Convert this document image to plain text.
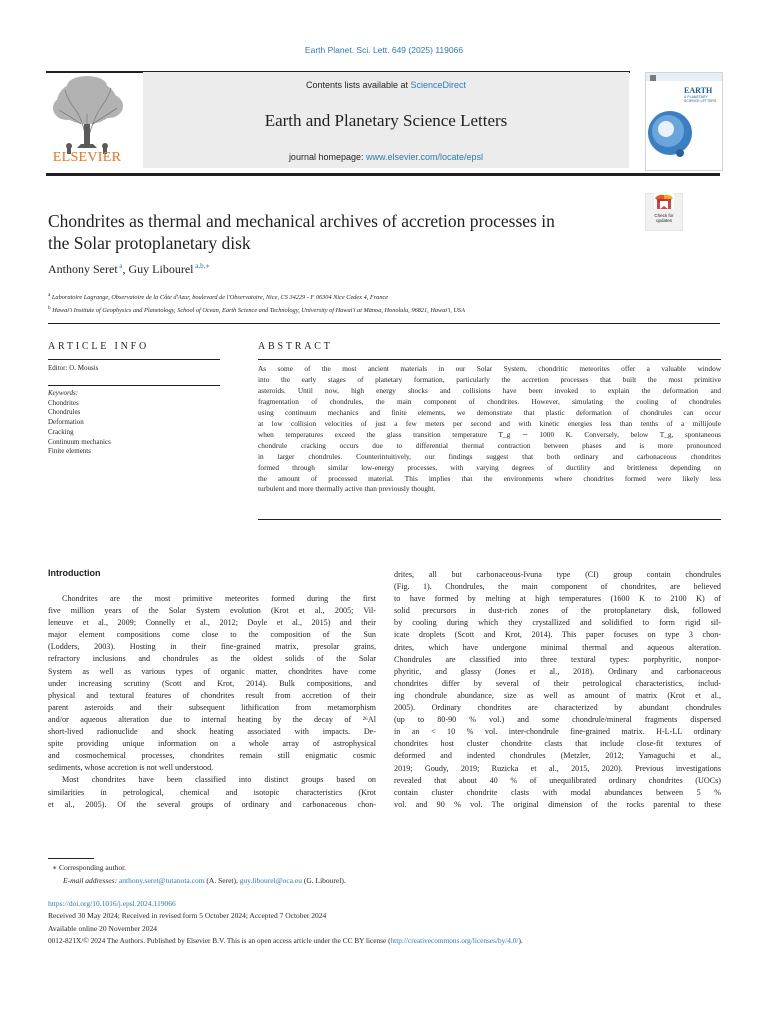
Earth Planet. Sci. Lett. 649 (2025) 119066
Contents lists available at ScienceDirect
Earth and Planetary Science Letters
journal homepage: www.elsevier.com/locate/epsl
ELSEVIER
EARTH
& PLANETARY
SCIENCE LETTERS
Check for
updates
Chondrites as thermal and mechanical archives of accretion processes in
the Solar protoplanetary disk
Anthony Seret $^a$, Guy Libourel $^{a,b,∗}$
$^a$ Laboratoire Lagrange, Observatoire de la Côte d'Azur, boulevard de l'Observatoire, Nice, CS 34229 - F 06304 Nice Cedex 4, France
$^b$ Hawai'i Institute of Geophysics and Planetology, School of Ocean, Earth Science and Technology, University of Hawai'i at Mānoa, Honolulu, 96821, Hawai'i, USA
ARTICLE INFO
Editor: O. Mousis
Keywords:
Chondrites
Chondrules
Deformation
Cracking
Continuum mechanics
Finite elements
ABSTRACT
As some of the most ancient materials in our Solar System, chondritic meteorites offer a valuable window
into the early stages of planetary formation, particularly the accretion processes that built the most primitive
asteroids. Until now, high energy shocks and collisions have been invoked to explain the deformation and
fragmentation of chondrules, the main component of chondrites. However, simulating the cooling of chondrules
using continuum mechanics and finite elements, we demonstrate that plastic deformation of chondrules can occur
at low collision velocities of just a few meters per second and with kinetic energies less than tenths of a millijoule
when temperatures exceed the glass transition temperature T_g ∼ 1000 K. Conversely, below T_g, spontaneous
chondrule cracking occurs due to differential thermal contraction between phases and is more pronounced
in larger chondrules. Counterintuitively, our findings suggest that both ordinary and carbonaceous chondrites
formed through similar low-energy processes, with varying degrees of ductility and brittleness depending on
the amount of processed material. This implies that the environments where chondrites formed were likely less
turbulent and more thermally active than previously thought.
Introduction
Chondrites are the most primitive meteorites formed during the first
five million years of the Solar System evolution (Krot et al., 2005; Vil-
leneuve et al., 2009; Connelly et al., 2012; Doyle et al., 2015) and their
major element compositions come close to the composition of the Sun
(Lodders, 2003). Hosting in their fine-grained matrix, presolar grains,
refractory inclusions and chondrules as the oldest solids of the Solar
System as well as various types of organic matter, chondrites have come
under increasing scrutiny (Scott and Krot, 2014). Bulk compositions, and
physical and textural features of chondrites result from accretion of their
parent asteroids and their subsequent lithification from metamorphism
and/or aqueous alteration due to internal heating by the decay of ²⁶Al
short-lived radionuclide and shock heating associated with impacts. De-
spite providing unique information on a whole array of astrophysical
and cosmochemical processes, chondrites remain still enigmatic cosmic
sediments, whose accretion is not well understood.
Most chondrites have been classified into distinct groups based on
similarities in petrological, chemical and isotopic characteristics (Krot
et al., 2005). Of the several groups of ordinary and carbonaceous chon-
drites, all but carbonaceous-Ivuna type (CI) group contain chondrules
(Fig. 1). Chondrules, the main component of chondrites, are believed
to have formed by melting at high temperatures (1600 K to 2100 K) of
solid precursors in dust-rich zones of the protoplanetary disk, followed
by cooling during which they crystallized and solidified to form rigid sil-
icate droplets (Scott and Krot, 2014). This paper focuses on type 3 chon-
drites, which have undergone minimal thermal and aqueous alteration.
Chondrules are classified into three textural types: porphyritic, nonpor-
phyritic, and glassy (Jones et al., 2018). Ordinary and carbonaceous
chondrites differ by several of their petrological characteristics, includ-
ing chondrule abundance, size as well as amount of matrix (Krot et al.,
2005). Ordinary chondrites are characterized by abundant chondrules
(up to 80-90 % vol.) and some chondrule/mineral fragments dispersed
in an < 10 % vol. inter-chondrule fine-grained matrix. H-L-LL ordinary
chondrites host cluster chondrite clasts that include close-fit textures of
deformed and indented chondrules (Metzler, 2012; Yamaguchi et al.,
2019; Goudy, 2019; Ruzicka et al., 2015, 2020). Previous investigations
revealed that about 40 % of unequilibrated ordinary chondrites (UOCs)
contain cluster chondrite clasts with modal abundances between 5 %
vol. and 90 % vol. The original dimension of the rocks parental to these
∗ Corresponding author.
E-mail addresses: anthony.seret@tutanota.com (A. Seret), guy.libourel@oca.eu (G. Libourel).
https://doi.org/10.1016/j.epsl.2024.119066
Received 30 May 2024; Received in revised form 5 October 2024; Accepted 7 October 2024
Available online 20 November 2024
0012-821X/© 2024 The Authors. Published by Elsevier B.V. This is an open access article under the CC BY license (http://creativecommons.org/licenses/by/4.0/).
